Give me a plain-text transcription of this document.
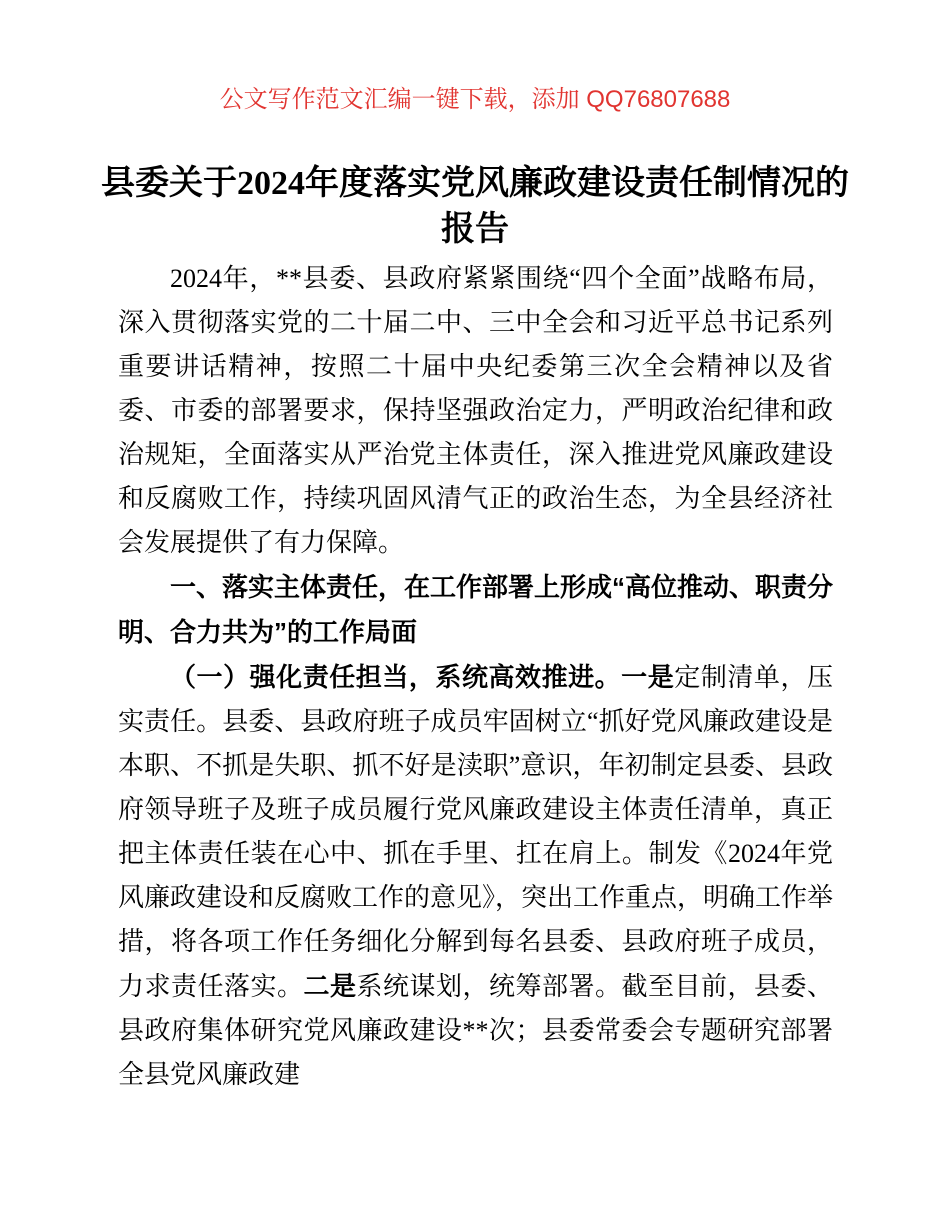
公文写作范文汇编一键下载，添加 QQ76807688
县委关于2024年度落实党风廉政建设责任制情况的报告

2024年，**县委、县政府紧紧围绕“四个全面”战略布局，深入贯彻落实党的二十届二中、三中全会和习近平总书记系列重要讲话精神，按照二十届中央纪委第三次全会精神以及省委、市委的部署要求，保持坚强政治定力，严明政治纪律和政治规矩，全面落实从严治党主体责任，深入推进党风廉政建设和反腐败工作，持续巩固风清气正的政治生态，为全县经济社会发展提供了有力保障。

一、落实主体责任，在工作部署上形成“高位推动、职责分明、合力共为”的工作局面

（一）强化责任担当，系统高效推进。一是定制清单，压实责任。县委、县政府班子成员牢固树立“抓好党风廉政建设是本职、不抓是失职、抓不好是渎职”意识，年初制定县委、县政府领导班子及班子成员履行党风廉政建设主体责任清单，真正把主体责任装在心中、抓在手里、扛在肩上。制发《2024年党风廉政建设和反腐败工作的意见》，突出工作重点，明确工作举措，将各项工作任务细化分解到每名县委、县政府班子成员，力求责任落实。二是系统谋划，统筹部署。截至目前，县委、县政府集体研究党风廉政建设**次；县委常委会专题研究部署全县党风廉政建
